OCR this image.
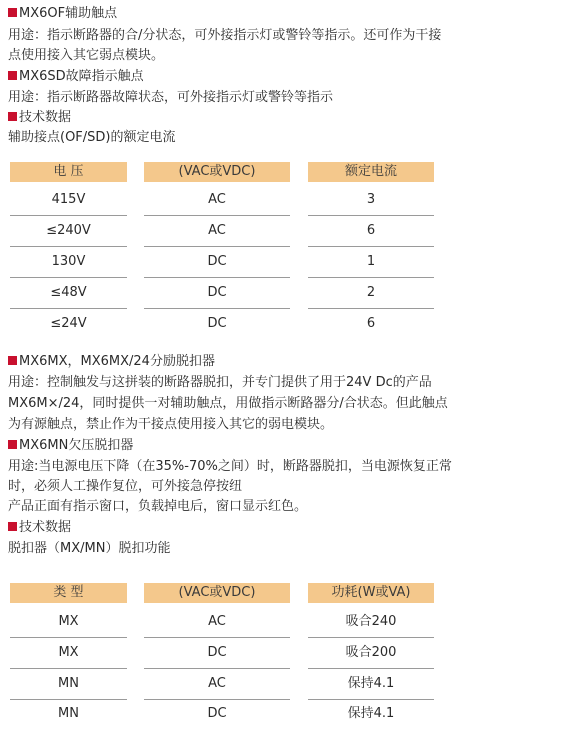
MX6OF辅助触点
用途：指示断路器的合/分状态，可外接指示灯或警铃等指示。还可作为干接
点使用接入其它弱点模块。
MX6SD故障指示触点
用途：指示断路器故障状态，可外接指示灯或警铃等指示
技术数据
辅助接点(OF/SD)的额定电流
电 压	(VAC或VDC)	额定电流
415V	AC	3
≤240V	AC	6
130V	DC	1
≤48V	DC	2
≤24V	DC	6
MX6MX，MX6MX/24分励脱扣器
用途：控制触发与这拼装的断路器脱扣，并专门提供了用于24V Dc的产品
MX6M×/24，同时提供一对辅助触点，用做指示断路器分/合状态。但此触点
为有源触点，禁止作为干接点使用接入其它的弱电模块。
MX6MN欠压脱扣器
用途:当电源电压下降（在35%-70%之间）时，断路器脱扣，当电源恢复正常
时，必须人工操作复位，可外接急停按纽
产品正面有指示窗口，负载掉电后，窗口显示红色。
技术数据
脱扣器（MX/MN）脱扣功能
类 型	(VAC或VDC)	功耗(W或VA)
MX	AC	吸合240
MX	DC	吸合200
MN	AC	保持4.1
MN	DC	保持4.1
